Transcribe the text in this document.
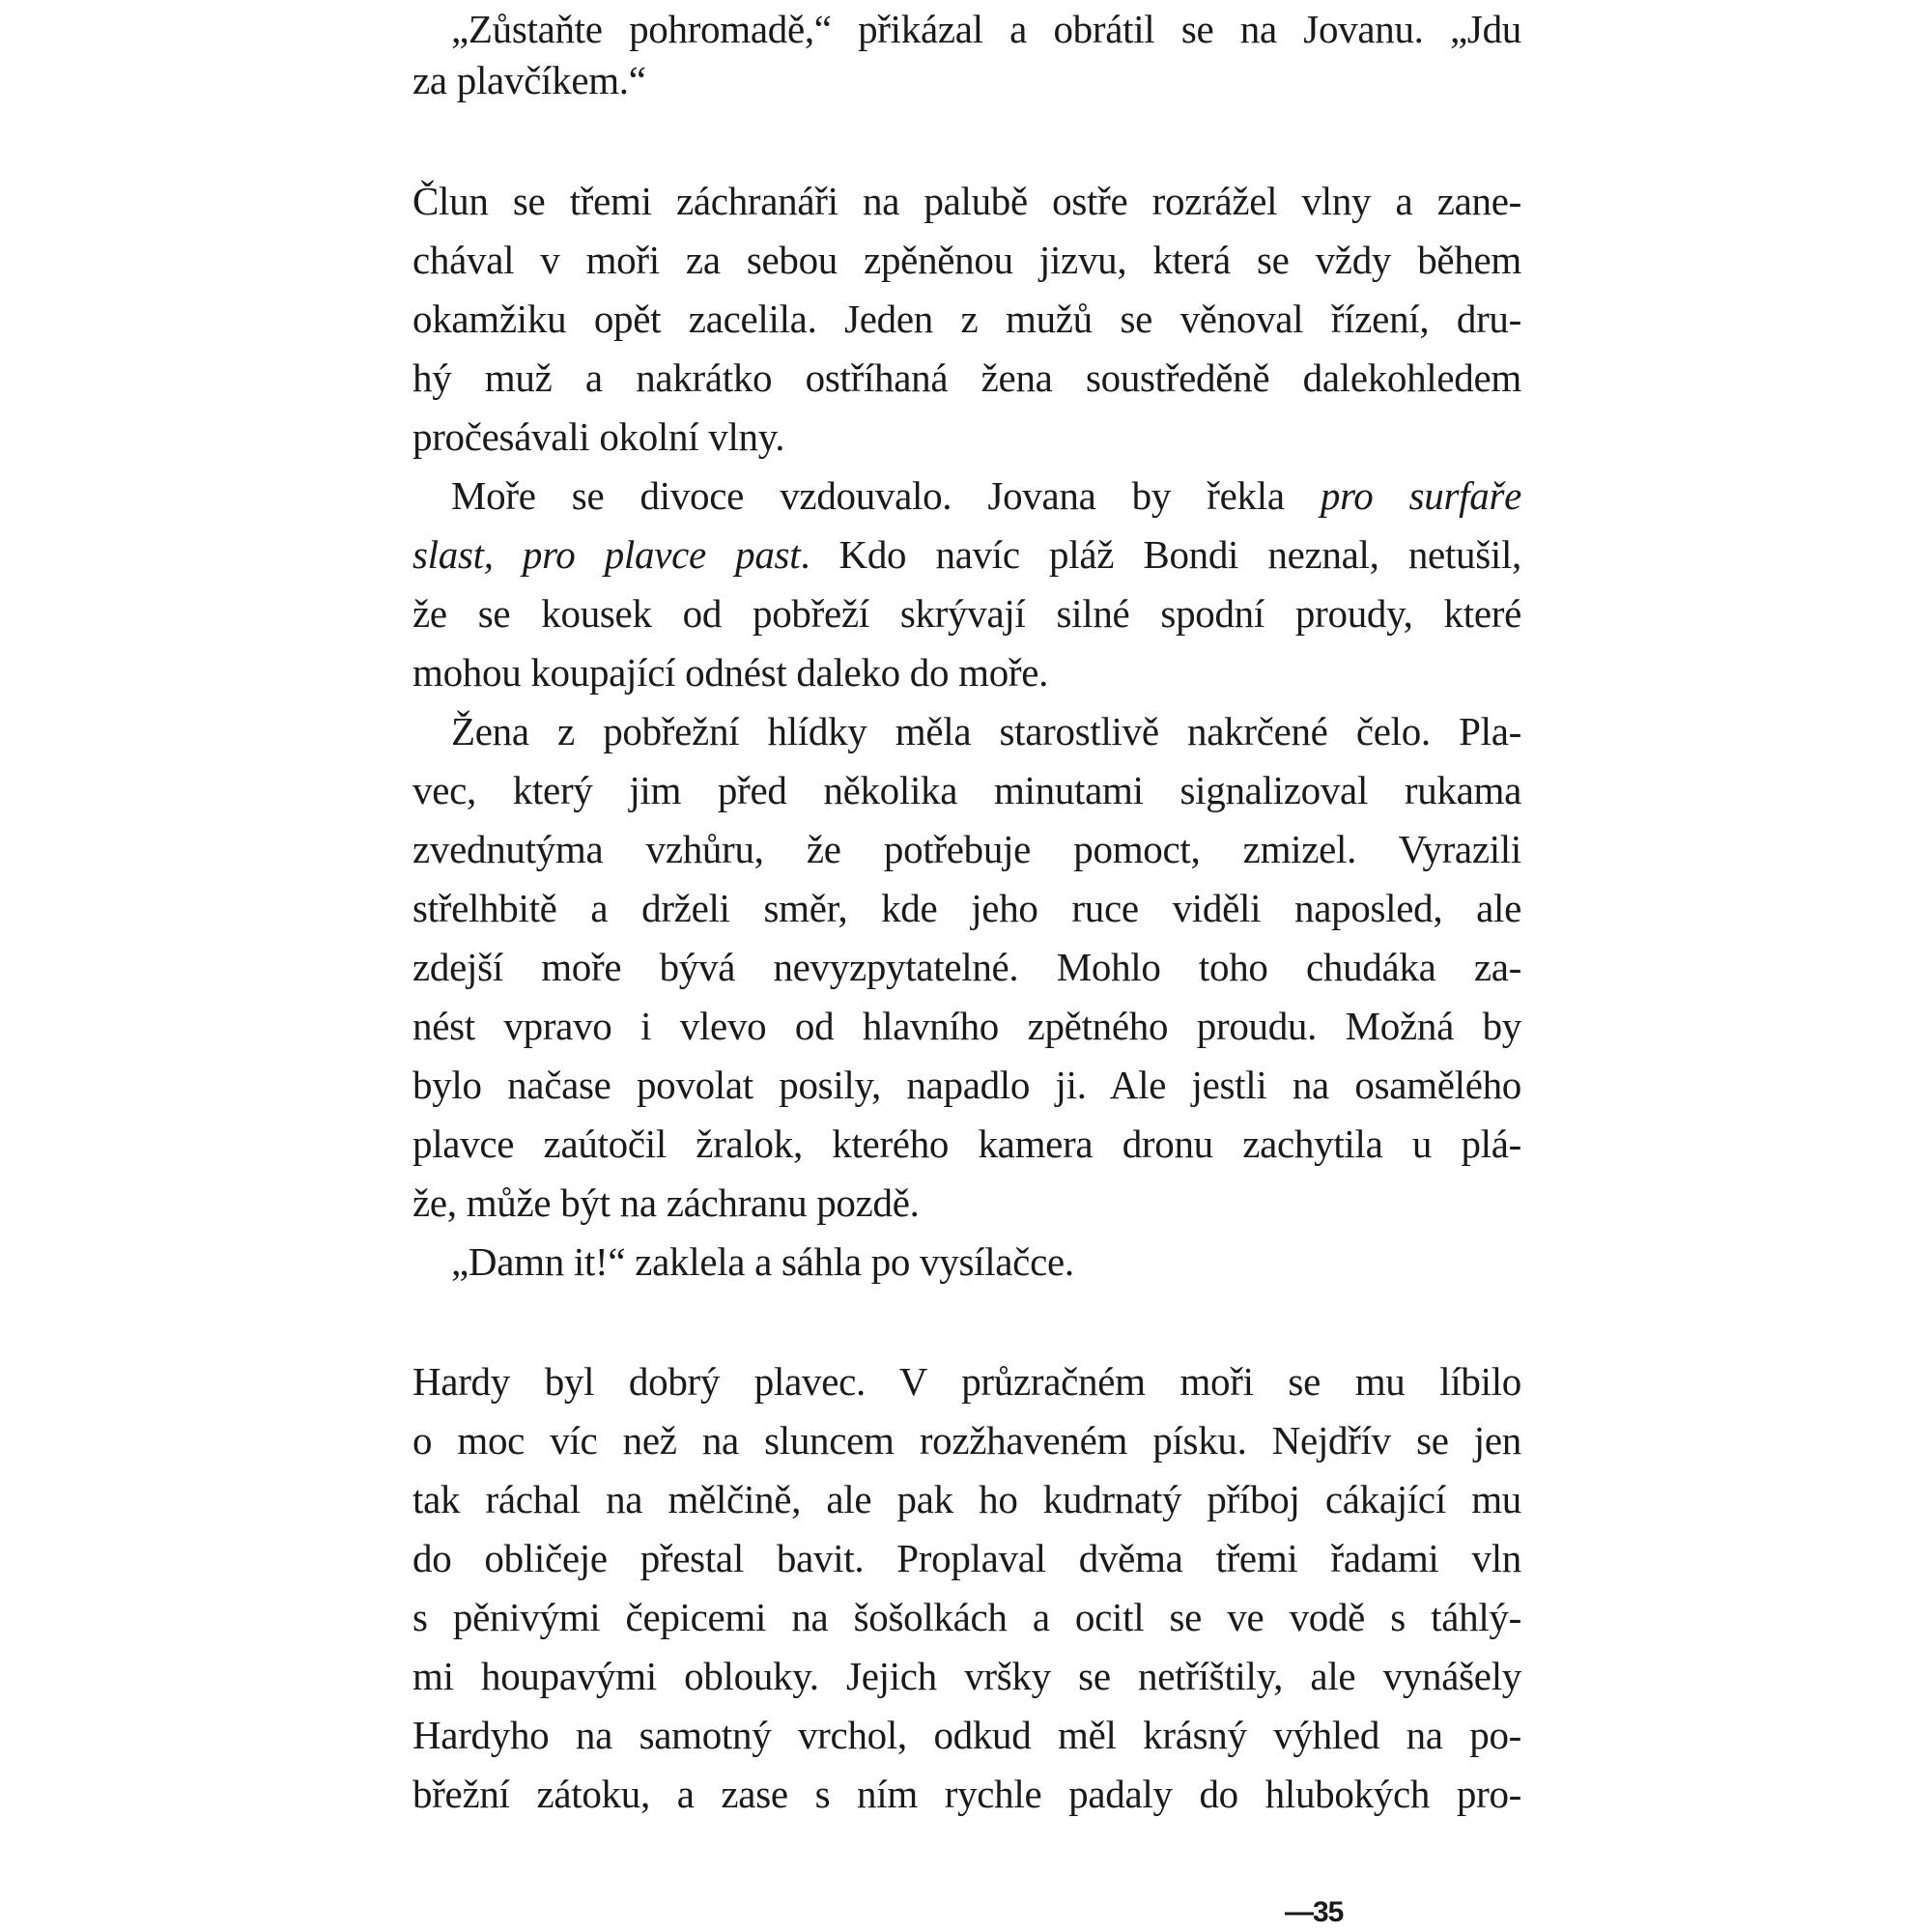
„Zůstaňte pohromadě,“ přikázal a obrátil se na Jovanu. „Jdu
za plavčíkem.“
Člun se třemi záchranáři na palubě ostře rozrážel vlny a zane-
chával v moři za sebou zpěněnou jizvu, která se vždy během
okamžiku opět zacelila. Jeden z mužů se věnoval řízení, dru-
hý muž a nakrátko ostříhaná žena soustředěně dalekohledem
pročesávali okolní vlny.
Moře se divoce vzdouvalo. Jovana by řekla pro surfaře
slast, pro plavce past. Kdo navíc pláž Bondi neznal, netušil,
že se kousek od pobřeží skrývají silné spodní proudy, které
mohou koupající odnést daleko do moře.
Žena z pobřežní hlídky měla starostlivě nakrčené čelo. Pla-
vec, který jim před několika minutami signalizoval rukama
zvednutýma vzhůru, že potřebuje pomoct, zmizel. Vyrazili
střelhbitě a drželi směr, kde jeho ruce viděli naposled, ale
zdejší moře bývá nevyzpytatelné. Mohlo toho chudáka za-
nést vpravo i vlevo od hlavního zpětného proudu. Možná by
bylo načase povolat posily, napadlo ji. Ale jestli na osamělého
plavce zaútočil žralok, kterého kamera dronu zachytila u plá-
že, může být na záchranu pozdě.
„Damn it!“ zaklela a sáhla po vysílačce.
Hardy byl dobrý plavec. V průzračném moři se mu líbilo
o moc víc než na sluncem rozžhaveném písku. Nejdřív se jen
tak ráchal na mělčině, ale pak ho kudrnatý příboj cákající mu
do obličeje přestal bavit. Proplaval dvěma třemi řadami vln
s pěnivými čepicemi na šošolkách a ocitl se ve vodě s táhlý-
mi houpavými oblouky. Jejich vršky se netříštily, ale vynášely
Hardyho na samotný vrchol, odkud měl krásný výhled na po-
břežní zátoku, a zase s ním rychle padaly do hlubokých pro-
—35
